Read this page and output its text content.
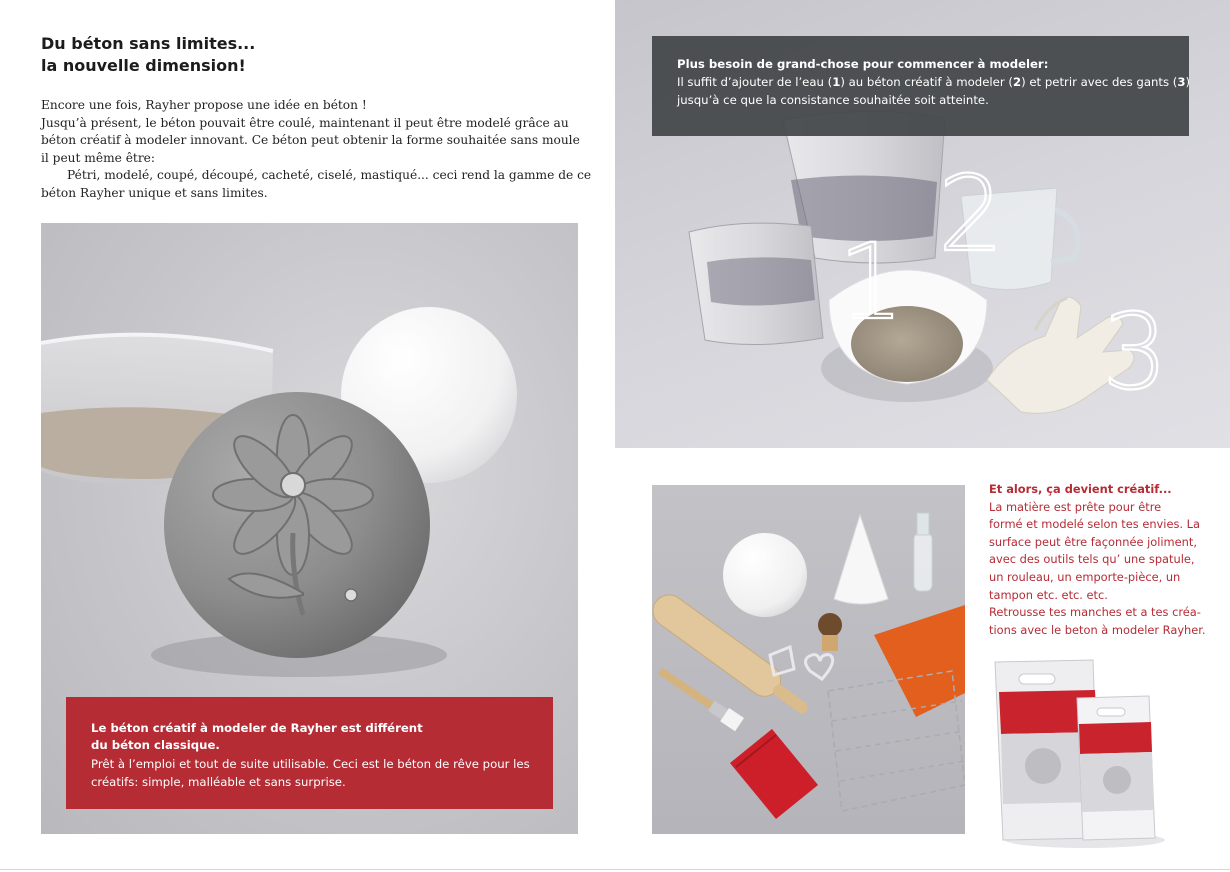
Du béton sans limites...
la nouvelle dimension!
Encore une fois, Rayher propose une idée en béton !
Jusqu’à présent, le béton pouvait être coulé, maintenant il peut être modelé grâce au
béton créatif à modeler innovant. Ce béton peut obtenir la forme souhaitée sans moule
il peut même être:
Pétri, modelé, coupé, découpé, cacheté, ciselé, mastiqué... ceci rend la gamme de ce
béton Rayher unique et sans limites.
Le béton créatif à modeler de Rayher est différent
du béton classique.
Prêt à l’emploi et tout de suite utilisable. Ceci est le béton de rêve pour les
créatifs: simple, malléable et sans surprise.
1
2
3
Plus besoin de grand-chose pour commencer à modeler:
Il suffit d’ajouter de l’eau (1) au béton créatif à modeler (2) et petrir avec des gants (3)
jusqu’à ce que la consistance souhaitée soit atteinte.
Et alors, ça devient créatif...
La matière est prête pour être
formé et modelé selon tes envies. La
surface peut être façonnée joliment,
avec des outils tels qu’ une spatule,
un rouleau, un emporte-pièce, un
tampon etc. etc. etc.
Retrousse tes manches et a tes créa-
tions avec le beton à modeler Rayher.
